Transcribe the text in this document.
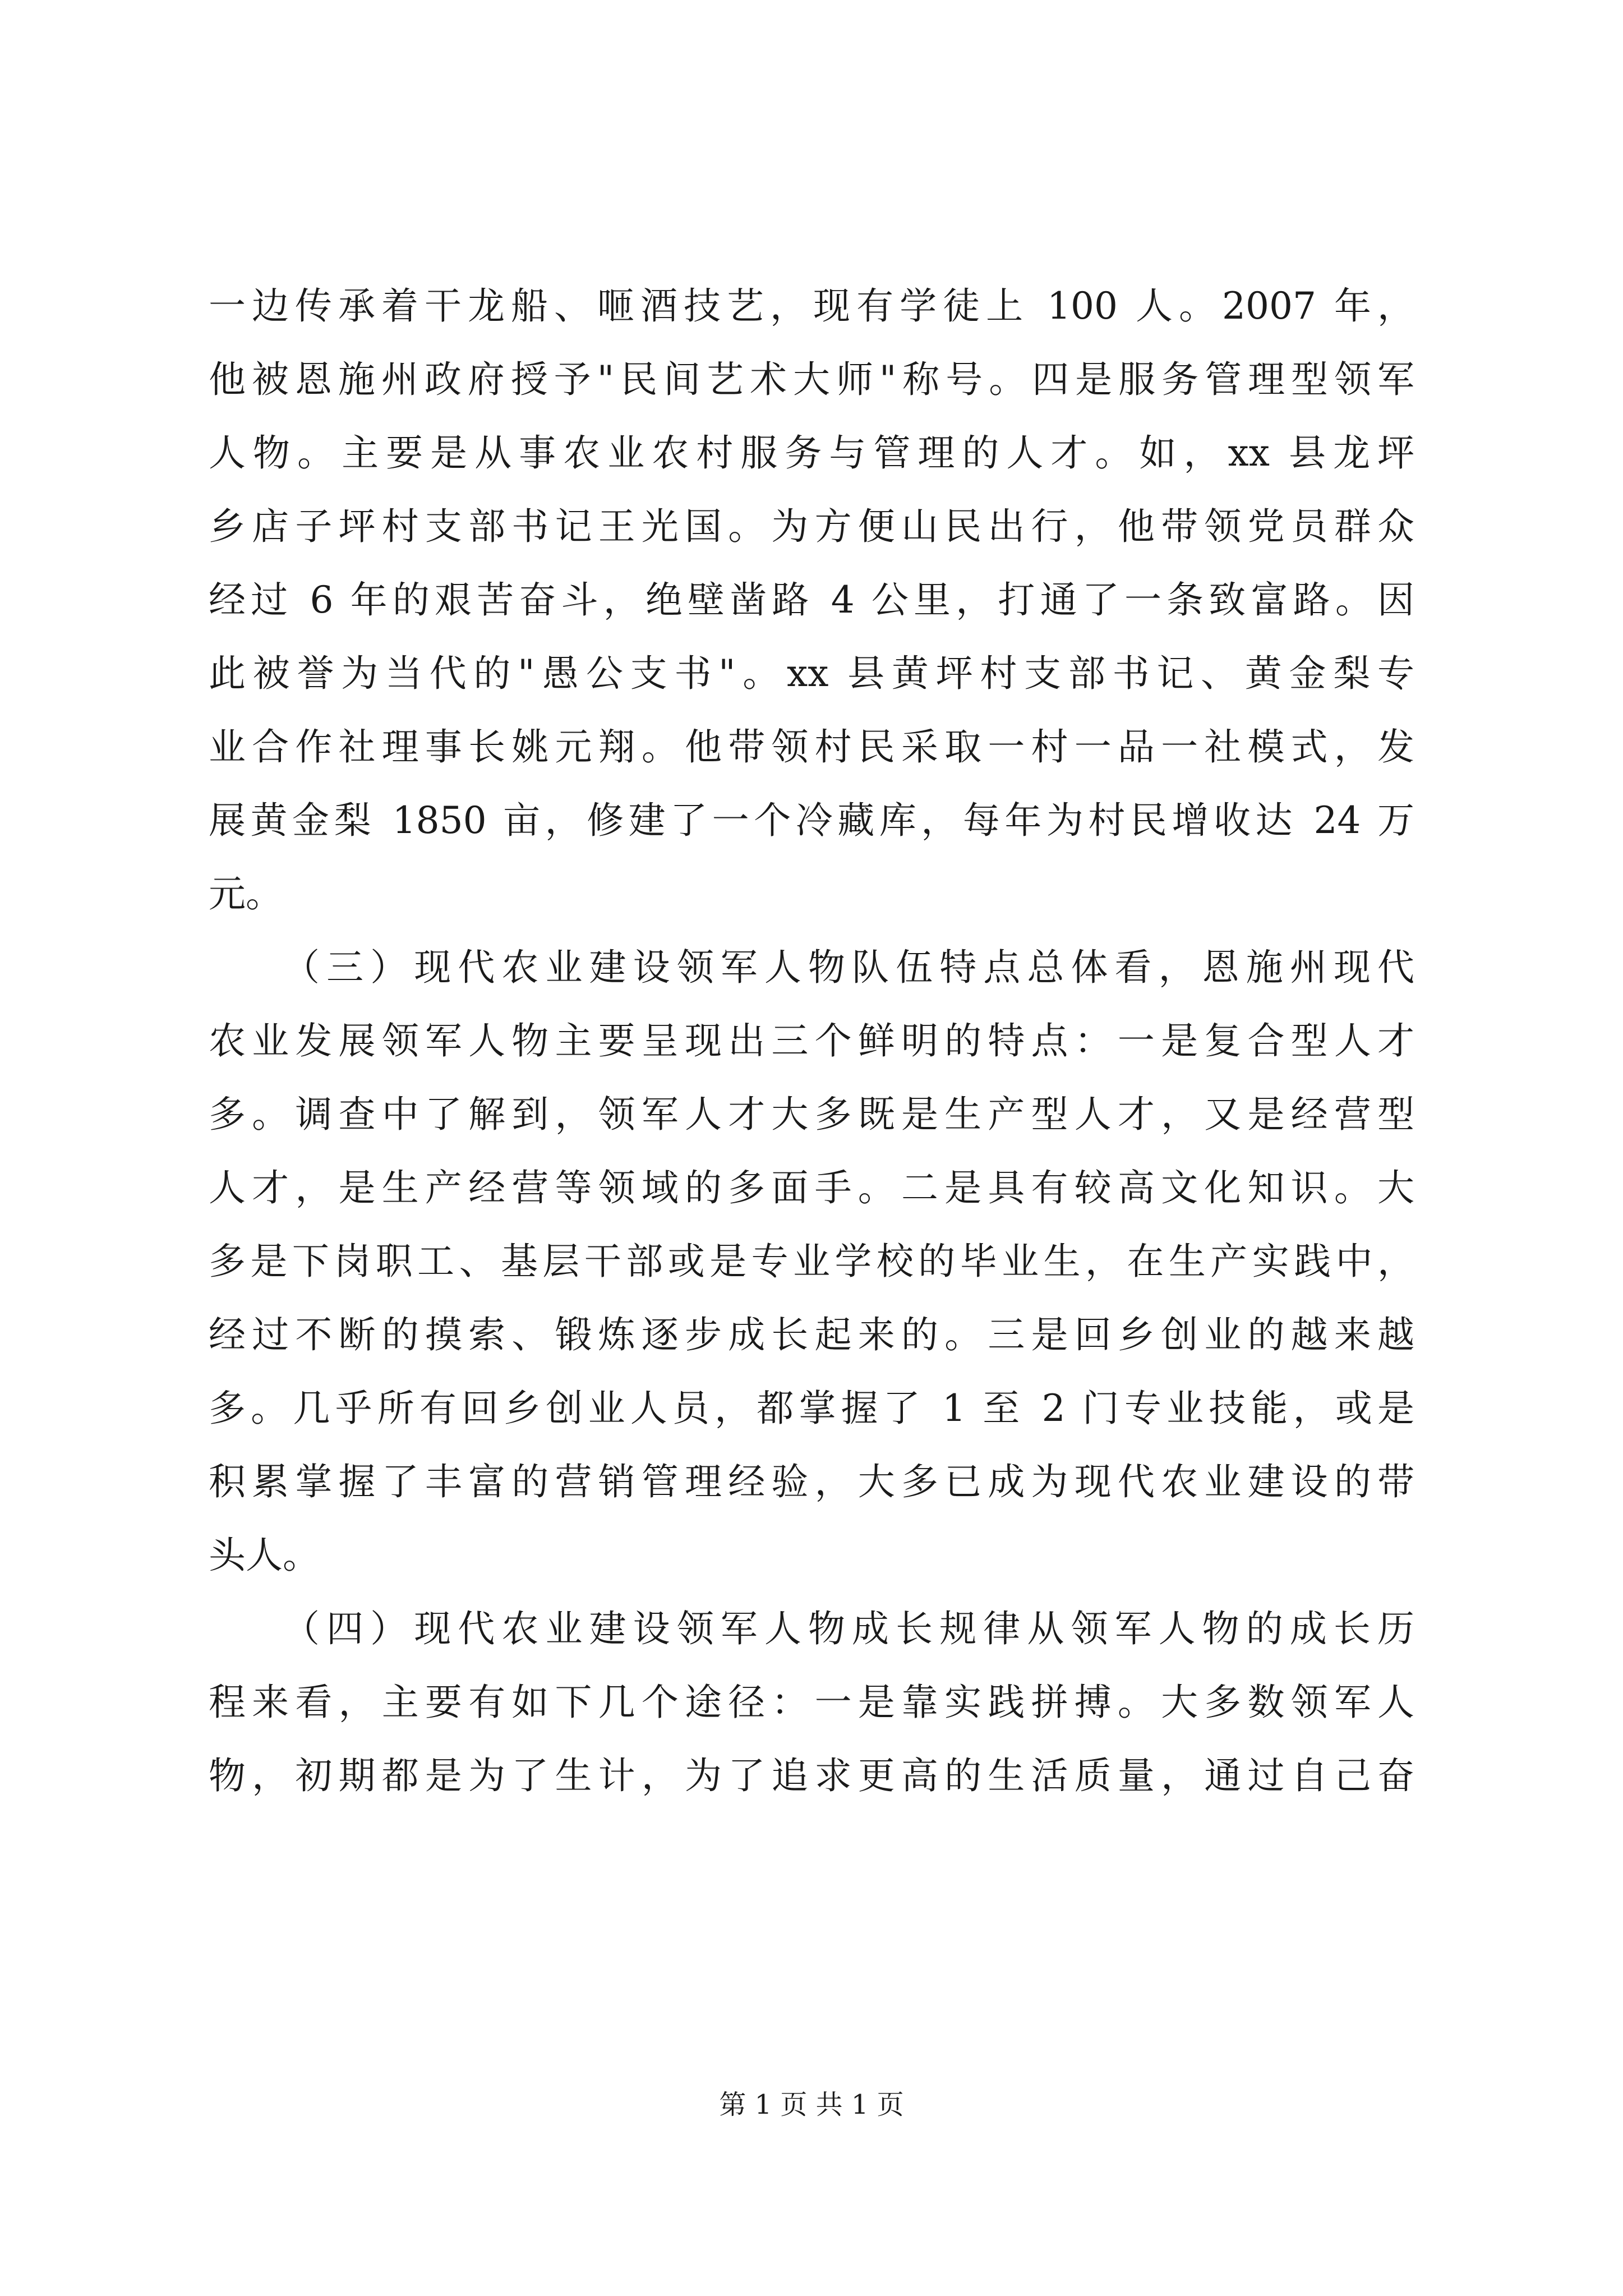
一边传承着干龙船、咂酒技艺，现有学徒上 100 人。2007 年，
他被恩施州政府授予"民间艺术大师"称号。四是服务管理型领军
人物。主要是从事农业农村服务与管理的人才。如，xx 县龙坪
乡店子坪村支部书记王光国。为方便山民出行，他带领党员群众
经过 6 年的艰苦奋斗，绝壁凿路 4 公里，打通了一条致富路。因
此被誉为当代的"愚公支书"。xx 县黄坪村支部书记、黄金梨专
业合作社理事长姚元翔。他带领村民采取一村一品一社模式，发
展黄金梨 1850 亩，修建了一个冷藏库，每年为村民增收达 24 万
元。
（三）现代农业建设领军人物队伍特点总体看，恩施州现代
农业发展领军人物主要呈现出三个鲜明的特点：一是复合型人才
多。调查中了解到，领军人才大多既是生产型人才，又是经营型
人才，是生产经营等领域的多面手。二是具有较高文化知识。大
多是下岗职工、基层干部或是专业学校的毕业生，在生产实践中，
经过不断的摸索、锻炼逐步成长起来的。三是回乡创业的越来越
多。几乎所有回乡创业人员，都掌握了 1 至 2 门专业技能，或是
积累掌握了丰富的营销管理经验，大多已成为现代农业建设的带
头人。
（四）现代农业建设领军人物成长规律从领军人物的成长历
程来看，主要有如下几个途径：一是靠实践拼搏。大多数领军人
物，初期都是为了生计，为了追求更高的生活质量，通过自己奋
第 1 页 共 1 页
